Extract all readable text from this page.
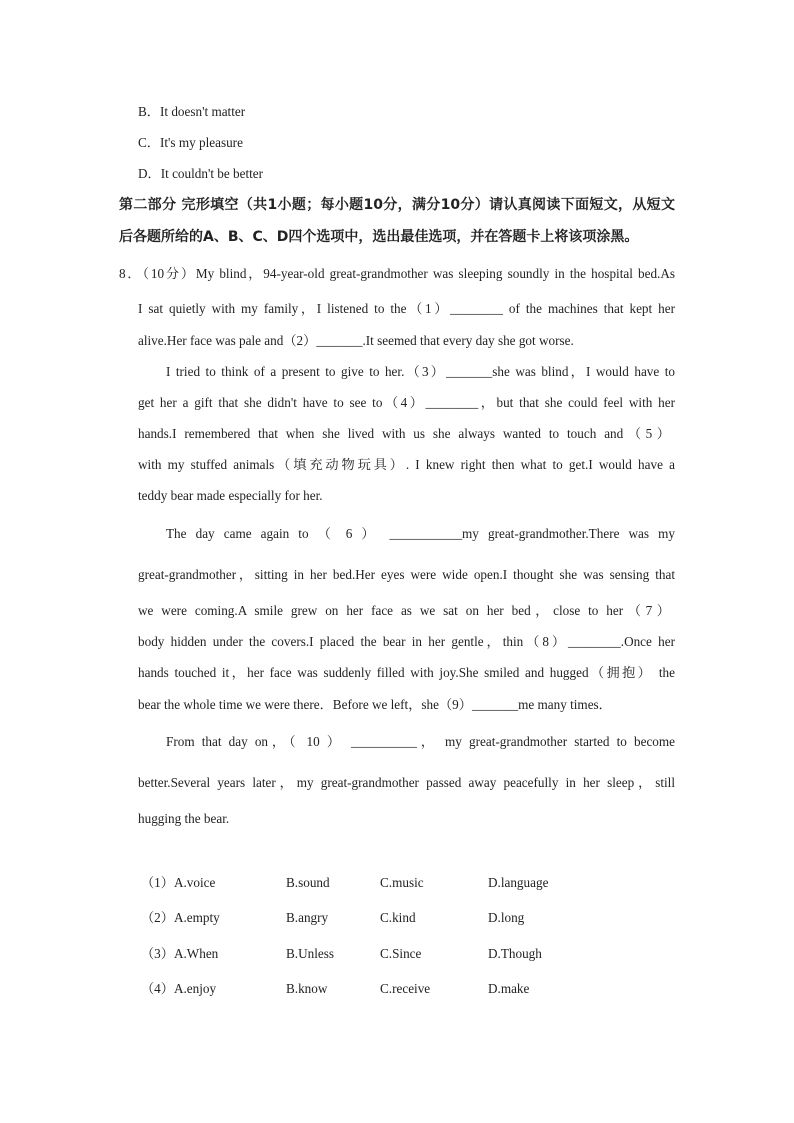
B．It doesn't matter
C．It's my pleasure
D．It couldn't be better
第二部分 完形填空（共1小题；每小题10分，满分10分）请认真阅读下面短文，从短文
后各题所给的A、B、C、D四个选项中，选出最佳选项，并在答题卡上将该项涂黑。
8．（10分）My blind，94-year-old great-grandmother was sleeping soundly in the hospital bed.As
I sat quietly with my family，I listened to the（1）________ of the machines that kept her
alive.Her face was pale and（2）_______.It seemed that every day she got worse.
I tried to think of a present to give to her.（3）_______she was blind，I would have to
get her a gift that she didn't have to see to（4）________，but that she could feel with her
hands.I remembered that when she lived with us she always wanted to touch and（5）
with my stuffed animals（填充动物玩具）. I knew right then what to get.I would have a
teddy bear made especially for her.
The day came again to （ 6 ） ___________my great-grandmother.There was my
great-grandmother，sitting in her bed.Her eyes were wide open.I thought she was sensing that
we were coming.A smile grew on her face as we sat on her bed，close to her（7）
body hidden under the covers.I placed the bear in her gentle，thin（8）________.Once her
hands touched it，her face was suddenly filled with joy.She smiled and hugged（拥抱） the
bear the whole time we were there．Before we left，she（9）_______me many times．
From that day on，（ 10 ） __________， my great-grandmother started to become
better.Several years later，my great-grandmother passed away peacefully in her sleep，still
hugging the bear.
（1）A.voice	B.sound	C.music	D.language
（2）A.empty	B.angry	C.kind	D.long
（3）A.When	B.Unless	C.Since	D.Though
（4）A.enjoy	B.know	C.receive	D.make
